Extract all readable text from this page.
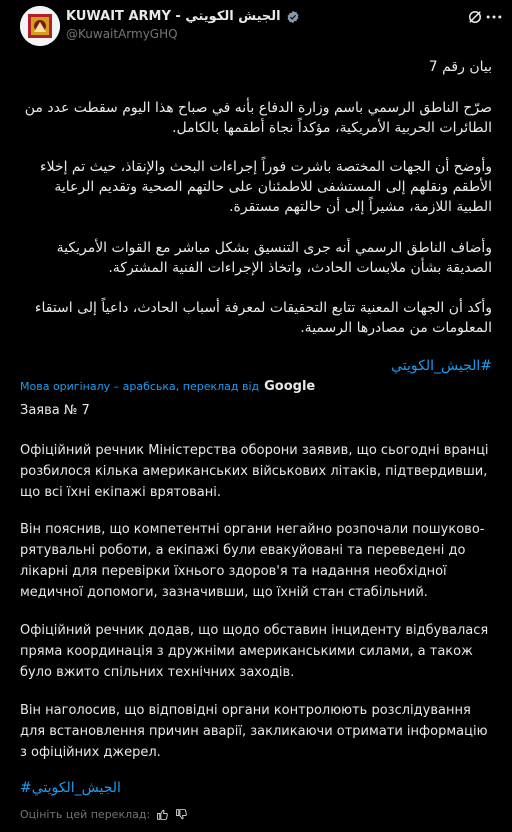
KUWAIT ARMY - الجيش الكويتي
@KuwaitArmyGHQ

بيان رقم 7

صرّح الناطق الرسمي باسم وزارة الدفاع بأنه في صباح هذا اليوم سقطت عدد من الطائرات الحربية الأمريكية، مؤكداً نجاة أطقمها بالكامل.

وأوضح أن الجهات المختصة باشرت فوراً إجراءات البحث والإنقاذ، حيث تم إخلاء الأطقم ونقلهم إلى المستشفى للاطمئنان على حالتهم الصحية وتقديم الرعاية الطبية اللازمة، مشيراً إلى أن حالتهم مستقرة.

وأضاف الناطق الرسمي أنه جرى التنسيق بشكل مباشر مع القوات الأمريكية الصديقة بشأن ملابسات الحادث، واتخاذ الإجراءات الفنية المشتركة.

وأكد أن الجهات المعنية تتابع التحقيقات لمعرفة أسباب الحادث، داعياً إلى استقاء المعلومات من مصادرها الرسمية.

#الجيش_الكويتي

Мова оригіналу – арабська, переклад від Google

Заява № 7

Офіційний речник Міністерства оборони заявив, що сьогодні вранці розбилося кілька американських військових літаків, підтвердивши, що всі їхні екіпажі врятовані.

Він пояснив, що компетентні органи негайно розпочали пошуково-рятувальні роботи, а екіпажі були евакуйовані та переведені до лікарні для перевірки їхнього здоров'я та надання необхідної медичної допомоги, зазначивши, що їхній стан стабільний.

Офіційний речник додав, що щодо обставин інциденту відбувалася пряма координація з дружніми американськими силами, а також було вжито спільних технічних заходів.

Він наголосив, що відповідні органи контролюють розслідування для встановлення причин аварії, закликаючи отримати інформацію з офіційних джерел.

#الجيش_الكويتي

Оцініть цей переклад:
